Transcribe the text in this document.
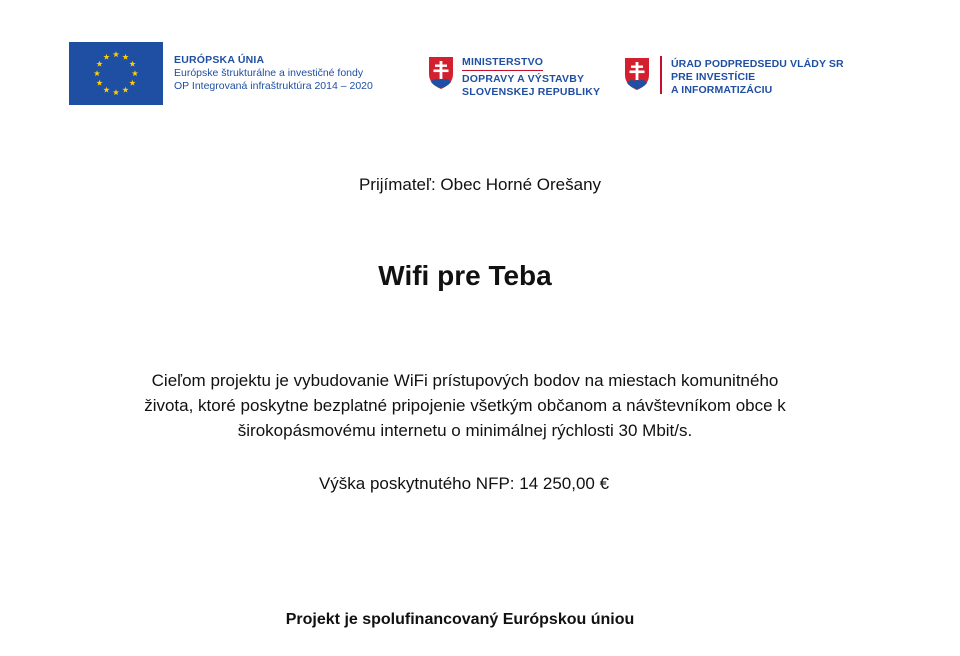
EURÓPSKA ÚNIA
Európske štrukturálne a investičné fondy
OP Integrovaná infraštruktúra 2014 – 2020
MINISTERSTVO
DOPRAVY A VÝSTAVBY
SLOVENSKEJ REPUBLIKY
ÚRAD PODPREDSEDU VLÁDY SR
PRE INVESTÍCIE
A INFORMATIZÁCIU
Prijímateľ: Obec Horné Orešany
Wifi pre Teba
Cieľom projektu je vybudovanie WiFi prístupových bodov na miestach komunitného
života, ktoré poskytne bezplatné pripojenie všetkým občanom a návštevníkom obce k
širokopásmovému internetu o minimálnej rýchlosti 30 Mbit/s.
Výška poskytnutého NFP: 14 250,00 €
Projekt je spolufinancovaný Európskou úniou
